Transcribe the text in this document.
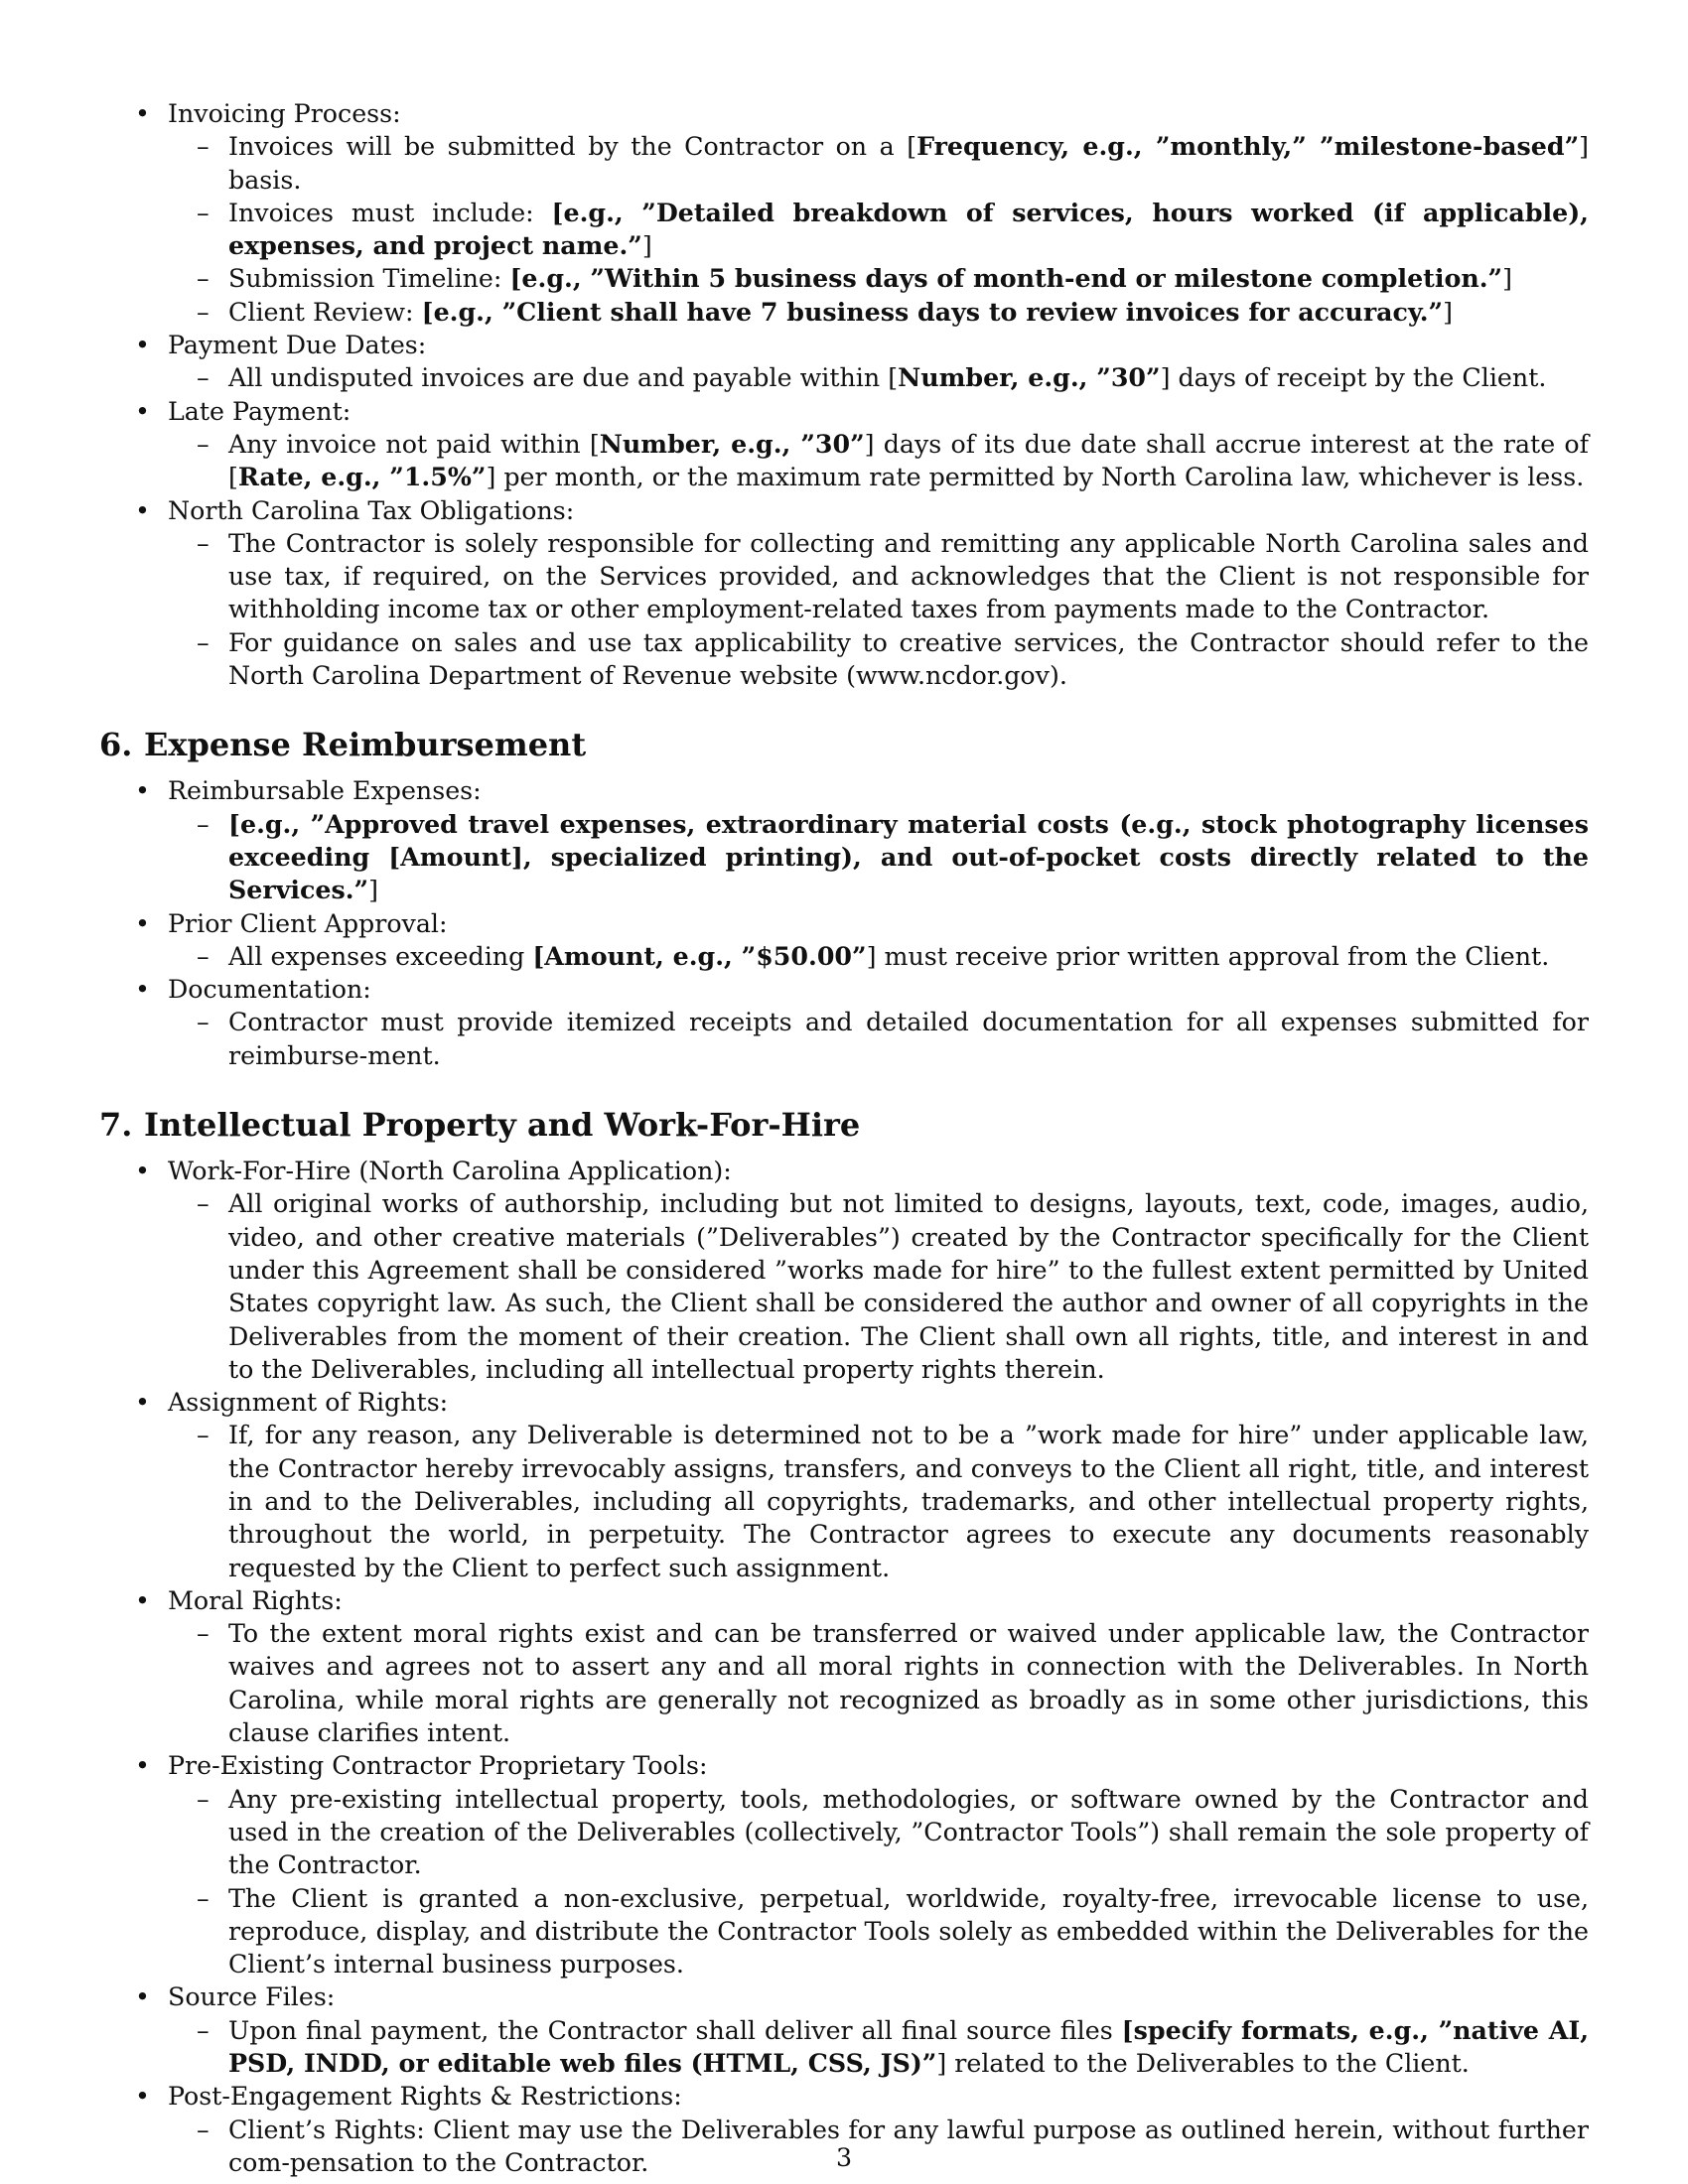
• Invoicing Process:
– Invoices will be submitted by the Contractor on a [Frequency, e.g., ”monthly,” ”milestone-based”] basis.
– Invoices must include: [e.g., ”Detailed breakdown of services, hours worked (if applicable), expenses, and project name.”]
– Submission Timeline: [e.g., ”Within 5 business days of month-end or milestone completion.”]
– Client Review: [e.g., ”Client shall have 7 business days to review invoices for accuracy.”]
• Payment Due Dates:
– All undisputed invoices are due and payable within [Number, e.g., ”30”] days of receipt by the Client.
• Late Payment:
– Any invoice not paid within [Number, e.g., ”30”] days of its due date shall accrue interest at the rate of [Rate, e.g., ”1.5%”] per month, or the maximum rate permitted by North Carolina law, whichever is less.
• North Carolina Tax Obligations:
– The Contractor is solely responsible for collecting and remitting any applicable North Carolina sales and use tax, if required, on the Services provided, and acknowledges that the Client is not responsible for withholding income tax or other employment-related taxes from payments made to the Contractor.
– For guidance on sales and use tax applicability to creative services, the Contractor should refer to the North Carolina Department of Revenue website (www.ncdor.gov).
6. Expense Reimbursement
• Reimbursable Expenses:
– [e.g., ”Approved travel expenses, extraordinary material costs (e.g., stock photography licenses exceeding [Amount], specialized printing), and out-of-pocket costs directly related to the Services.”]
• Prior Client Approval:
– All expenses exceeding [Amount, e.g., ”$50.00”] must receive prior written approval from the Client.
• Documentation:
– Contractor must provide itemized receipts and detailed documentation for all expenses submitted for reimburse-ment.
7. Intellectual Property and Work-For-Hire
• Work-For-Hire (North Carolina Application):
– All original works of authorship, including but not limited to designs, layouts, text, code, images, audio, video, and other creative materials (”Deliverables”) created by the Contractor specifically for the Client under this Agreement shall be considered ”works made for hire” to the fullest extent permitted by United States copyright law. As such, the Client shall be considered the author and owner of all copyrights in the Deliverables from the moment of their creation. The Client shall own all rights, title, and interest in and to the Deliverables, including all intellectual property rights therein.
• Assignment of Rights:
– If, for any reason, any Deliverable is determined not to be a ”work made for hire” under applicable law, the Contractor hereby irrevocably assigns, transfers, and conveys to the Client all right, title, and interest in and to the Deliverables, including all copyrights, trademarks, and other intellectual property rights, throughout the world, in perpetuity. The Contractor agrees to execute any documents reasonably requested by the Client to perfect such assignment.
• Moral Rights:
– To the extent moral rights exist and can be transferred or waived under applicable law, the Contractor waives and agrees not to assert any and all moral rights in connection with the Deliverables. In North Carolina, while moral rights are generally not recognized as broadly as in some other jurisdictions, this clause clarifies intent.
• Pre-Existing Contractor Proprietary Tools:
– Any pre-existing intellectual property, tools, methodologies, or software owned by the Contractor and used in the creation of the Deliverables (collectively, ”Contractor Tools”) shall remain the sole property of the Contractor.
– The Client is granted a non-exclusive, perpetual, worldwide, royalty-free, irrevocable license to use, reproduce, display, and distribute the Contractor Tools solely as embedded within the Deliverables for the Client’s internal business purposes.
• Source Files:
– Upon final payment, the Contractor shall deliver all final source files [specify formats, e.g., ”native AI, PSD, INDD, or editable web files (HTML, CSS, JS)”] related to the Deliverables to the Client.
• Post-Engagement Rights & Restrictions:
– Client’s Rights: Client may use the Deliverables for any lawful purpose as outlined herein, without further com-pensation to the Contractor.	3
